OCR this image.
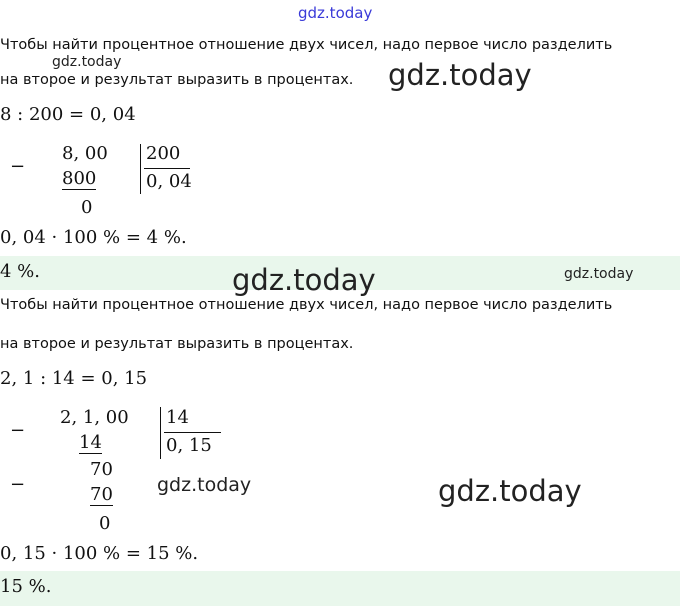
gdz.today
gdz.today	gdz.today
Чтобы найти процентное отношение двух чисел, надо первое число разделить
на второе и результат выразить в процентах.
8 : 200 = 0, 04
−
8, 00
800
0
200
0, 04
0, 04 · 100 % = 4 %.
4 %.	gdz.today	gdz.today
Чтобы найти процентное отношение двух чисел, надо первое число разделить
на второе и результат выразить в процентах.
2, 1 : 14 = 0, 15
−
2, 1, 00
14
−
70
70
0
14
0, 15
gdz.today	gdz.today
0, 15 · 100 % = 15 %.
15 %.
